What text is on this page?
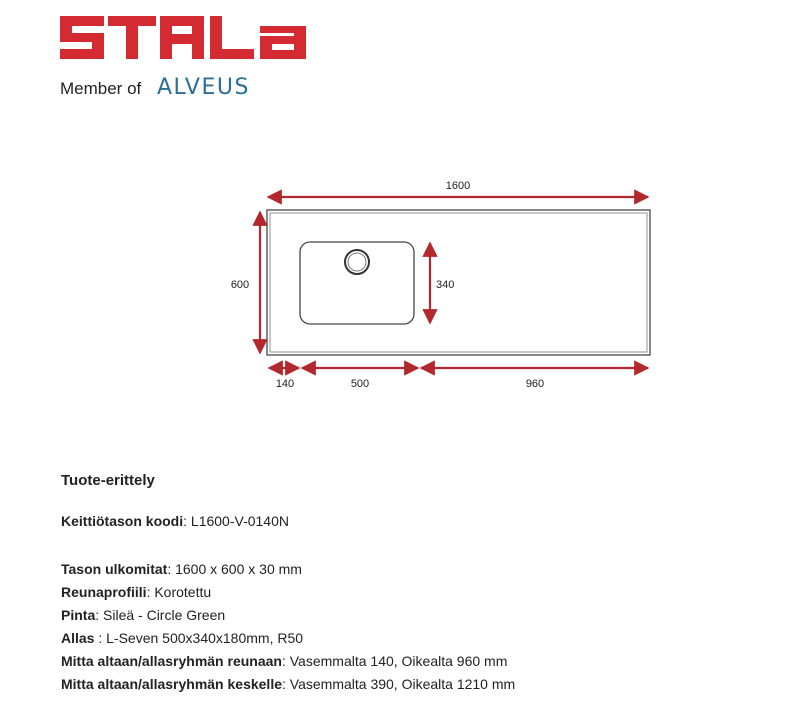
Member of ALVEUS
1600
600	340
140	500	960
Tuote-erittely

Keittiötason koodi: L1600-V-0140N

Tason ulkomitat: 1600 x 600 x 30 mm

Reunaprofiili: Korotettu

Pinta: Sileä - Circle Green

Allas : L-Seven 500x340x180mm, R50

Mitta altaan/allasryhmän reunaan: Vasemmalta 140, Oikealta 960 mm

Mitta altaan/allasryhmän keskelle: Vasemmalta 390, Oikealta 1210 mm
